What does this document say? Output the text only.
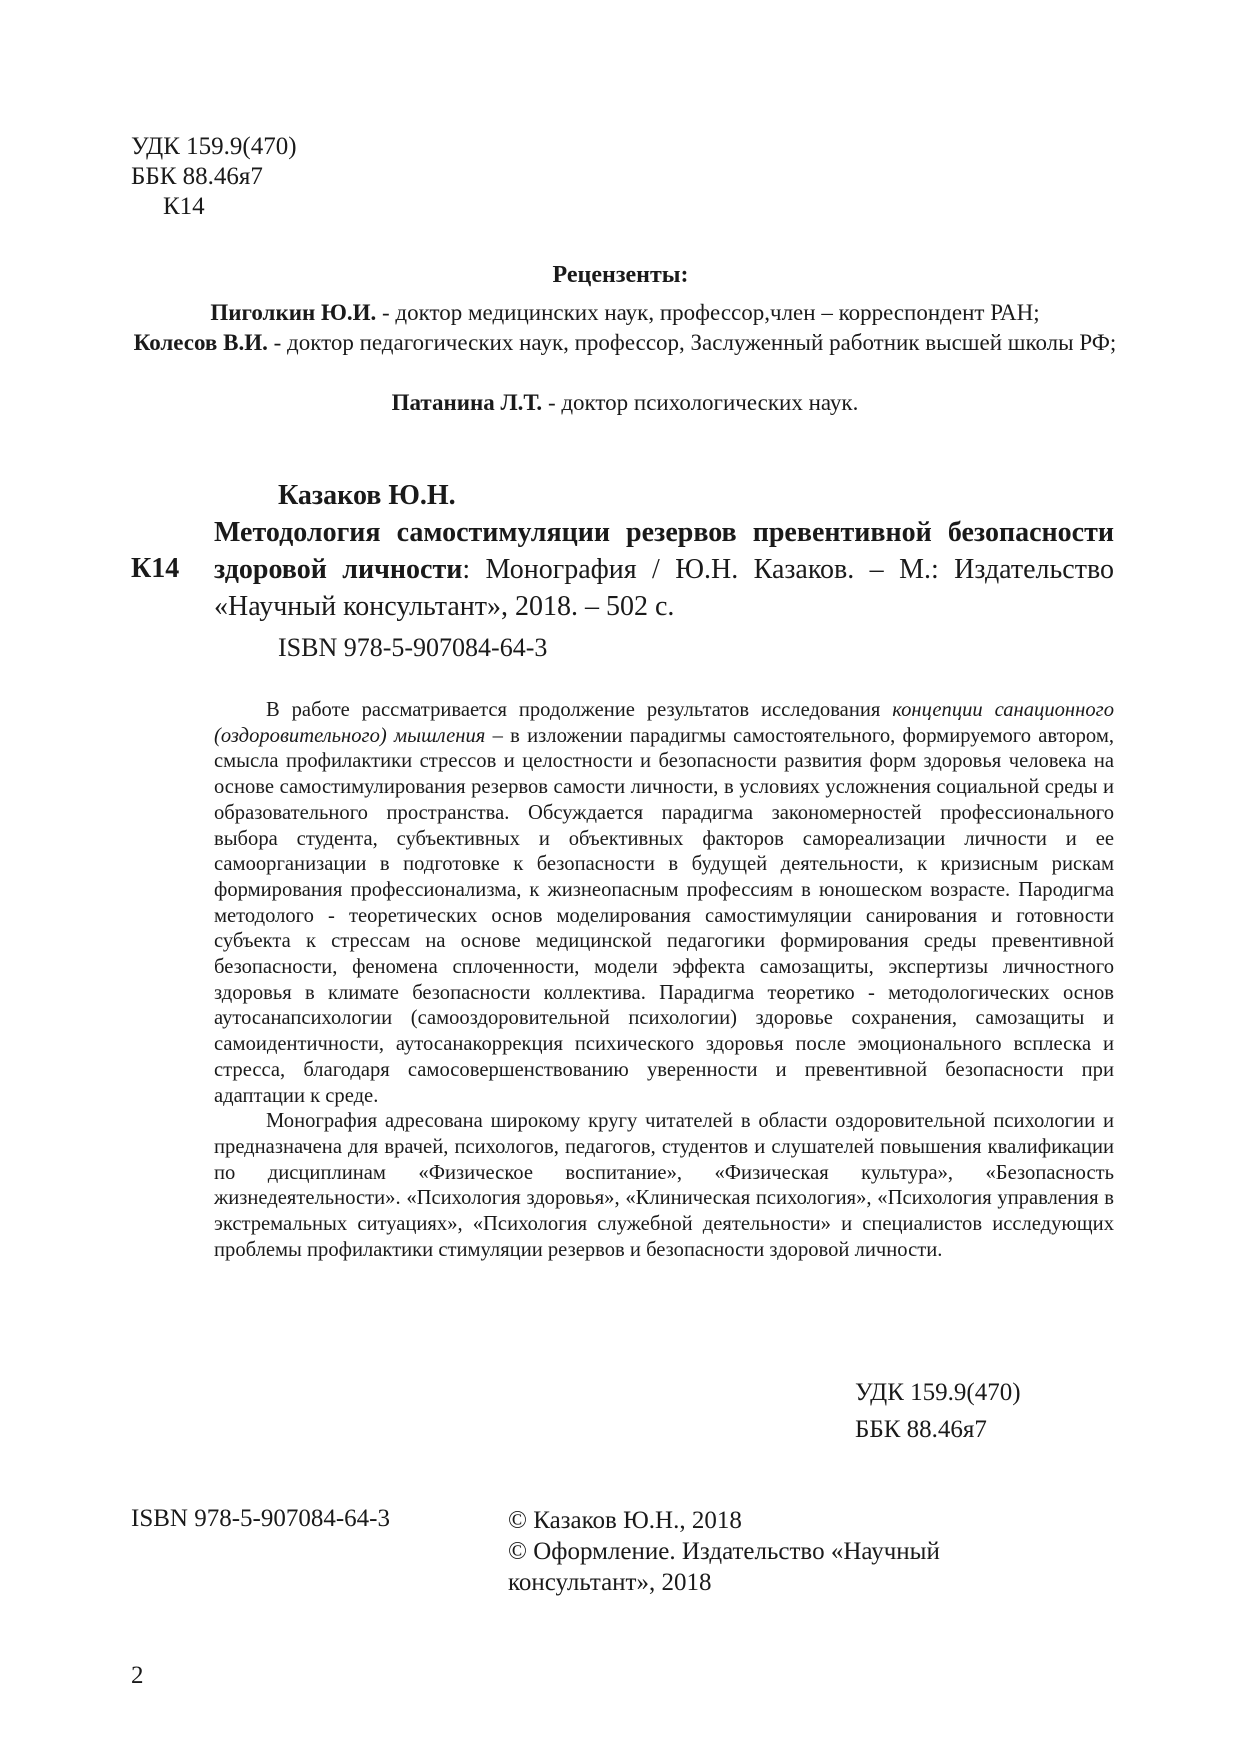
УДК 159.9(470)
ББК 88.46я7
К14
Рецензенты:
Пиголкин Ю.И. - доктор медицинских наук, профессор,член – корреспондент РАН;
Колесов В.И. - доктор педагогических наук, профессор, Заслуженный работник высшей школы РФ;
Патанина Л.Т. - доктор психологических наук.
Казаков Ю.Н.
К14
Методология самостимуляции резервов превентивной безопасности здоровой личности: Монография / Ю.Н. Казаков. – М.: Издательство «Научный консультант», 2018. – 502 с.
ISBN 978-5-907084-64-3

В работе рассматривается продолжение результатов исследования концепции санационного (оздоровительного) мышления – в изложении парадигмы самостоятельного, формируемого автором, смысла профилактики стрессов и целостности и безопасности развития форм здоровья человека на основе самостимулирования резервов самости личности, в условиях усложнения социальной среды и образовательного пространства. Обсуждается парадигма закономерностей профессионального выбора студента, субъективных и объективных факторов самореализации личности и ее самоорганизации в подготовке к безопасности в будущей деятельности, к кризисным рискам формирования профессионализма, к жизнеопасным профессиям в юношеском возрасте. Пародигма методолого - теоретических основ моделирования самостимуляции санирования и готовности субъекта к стрессам на основе медицинской педагогики формирования среды превентивной безопасности, феномена сплоченности, модели эффекта самозащиты, экспертизы личностного здоровья в климате безопасности коллектива. Парадигма теоретико - методологических основ аутосанапсихологии (самооздоровительной психологии) здоровье сохранения, самозащиты и самоидентичности, аутосанакоррекция психического здоровья после эмоционального всплеска и стресса, благодаря самосовершенствованию уверенности и превентивной безопасности при адаптации к среде.

Монография адресована широкому кругу читателей в области оздоровительной психологии и предназначена для врачей, психологов, педагогов, студентов и слушателей повышения квалификации по дисциплинам «Физическое воспитание», «Физическая культура», «Безопасность жизнедеятельности». «Психология здоровья», «Клиническая психология», «Психология управления в экстремальных ситуациях», «Психология служебной деятельности» и специалистов исследующих проблемы профилактики стимуляции резервов и безопасности здоровой личности.

УДК 159.9(470)
ББК 88.46я7
ISBN 978-5-907084-64-3	© Казаков Ю.Н., 2018
© Оформление. Издательство «Научный консультант», 2018
2
